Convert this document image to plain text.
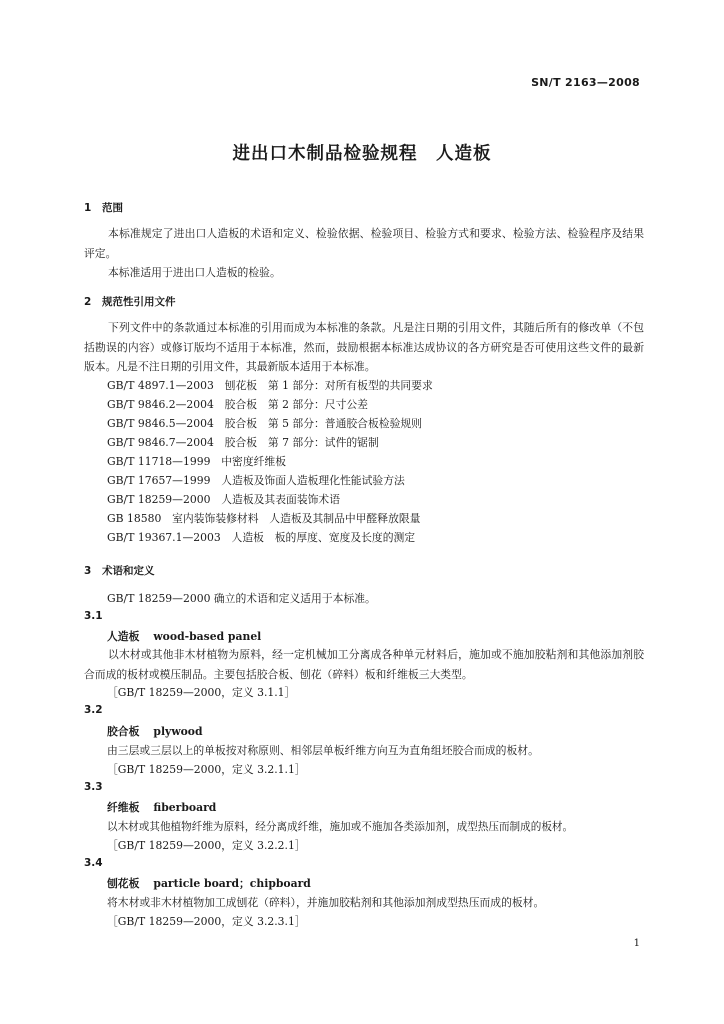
SN/T 2163—2008
进出口木制品检验规程　人造板
1 范围
本标准规定了进出口人造板的术语和定义、检验依据、检验项目、检验方式和要求、检验方法、检验程序及结果评定。
本标准适用于进出口人造板的检验。
2 规范性引用文件
下列文件中的条款通过本标准的引用而成为本标准的条款。凡是注日期的引用文件，其随后所有的修改单（不包括勘误的内容）或修订版均不适用于本标准，然而，鼓励根据本标准达成协议的各方研究是否可使用这些文件的最新版本。凡是不注日期的引用文件，其最新版本适用于本标准。
GB/T 4897.1—2003　刨花板　第 1 部分：对所有板型的共同要求
GB/T 9846.2—2004　胶合板　第 2 部分：尺寸公差
GB/T 9846.5—2004　胶合板　第 5 部分：普通胶合板检验规则
GB/T 9846.7—2004　胶合板　第 7 部分：试件的锯制
GB/T 11718—1999　中密度纤维板
GB/T 17657—1999　人造板及饰面人造板理化性能试验方法
GB/T 18259—2000　人造板及其表面装饰术语
GB 18580　室内装饰装修材料　人造板及其制品中甲醛释放限量
GB/T 19367.1—2003　人造板　板的厚度、宽度及长度的测定
3 术语和定义
GB/T 18259—2000 确立的术语和定义适用于本标准。
3.1
人造板 wood-based panel
以木材或其他非木材植物为原料，经一定机械加工分离成各种单元材料后，施加或不施加胶粘剂和其他添加剂胶合而成的板材或模压制品。主要包括胶合板、刨花（碎料）板和纤维板三大类型。
［GB/T 18259—2000，定义 3.1.1］
3.2
胶合板 plywood
由三层或三层以上的单板按对称原则、相邻层单板纤维方向互为直角组坯胶合而成的板材。
［GB/T 18259—2000，定义 3.2.1.1］
3.3
纤维板 fiberboard
以木材或其他植物纤维为原料，经分离成纤维，施加或不施加各类添加剂，成型热压而制成的板材。
［GB/T 18259—2000，定义 3.2.2.1］
3.4
刨花板 particle board；chipboard
将木材或非木材植物加工成刨花（碎料），并施加胶粘剂和其他添加剂成型热压而成的板材。
［GB/T 18259—2000，定义 3.2.3.1］
1
